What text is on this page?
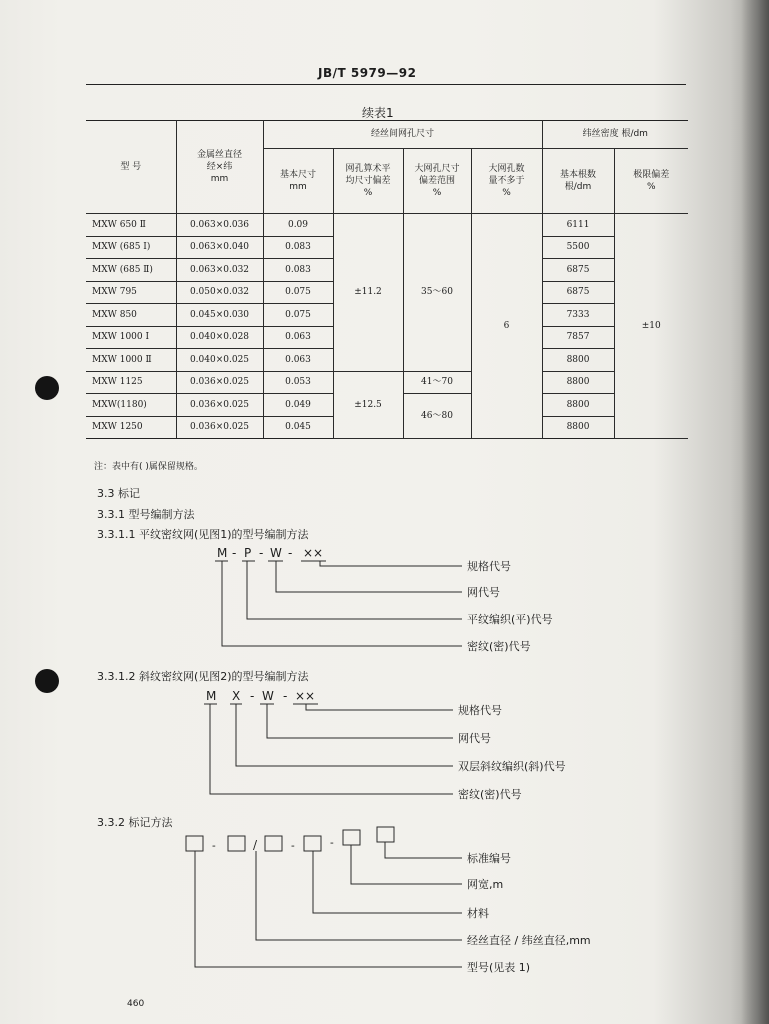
JB/T 5979—92
续表1
型 号	金属丝直径
经×纬
mm	经丝间网孔尺寸				纬丝密度 根/dm	
		基本尺寸
mm	网孔算术平
均尺寸偏差
%	大网孔尺寸
偏差范围
%	大网孔数
量不多于
%	基本根数
根/dm	极限偏差
%
MXW 650 Ⅱ	0.063×0.036	0.09	±11.2	35～60	6	6111	±10
MXW (685 Ⅰ)	0.063×0.040	0.083				5500	
MXW (685 Ⅱ)	0.063×0.032	0.083				6875	
MXW 795	0.050×0.032	0.075				6875	
MXW 850	0.045×0.030	0.075				7333	
MXW 1000 Ⅰ	0.040×0.028	0.063				7857	
MXW 1000 Ⅱ	0.040×0.025	0.063				8800	
MXW 1125	0.036×0.025	0.053	±12.5	41～70		8800	
MXW(1180)	0.036×0.025	0.049		46～80		8800	
MXW 1250	0.036×0.025	0.045				8800	
注：表中有( )属保留规格。
3.3 标记
3.3.1 型号编制方法
3.3.1.1 平纹密纹网(见图1)的型号编制方法
3.3.1.2 斜纹密纹网(见图2)的型号编制方法
3.3.2 标记方法
M - P - W - ××
规格代号
网代号
平纹编织(平)代号
密纹(密)代号
M X - W - ××
规格代号
网代号
双层斜纹编织(斜)代号
密纹(密)代号
-	/	-	-
标准编号
网宽,m
材料
经丝直径 / 纬丝直径,mm
型号(见表 1)
460
